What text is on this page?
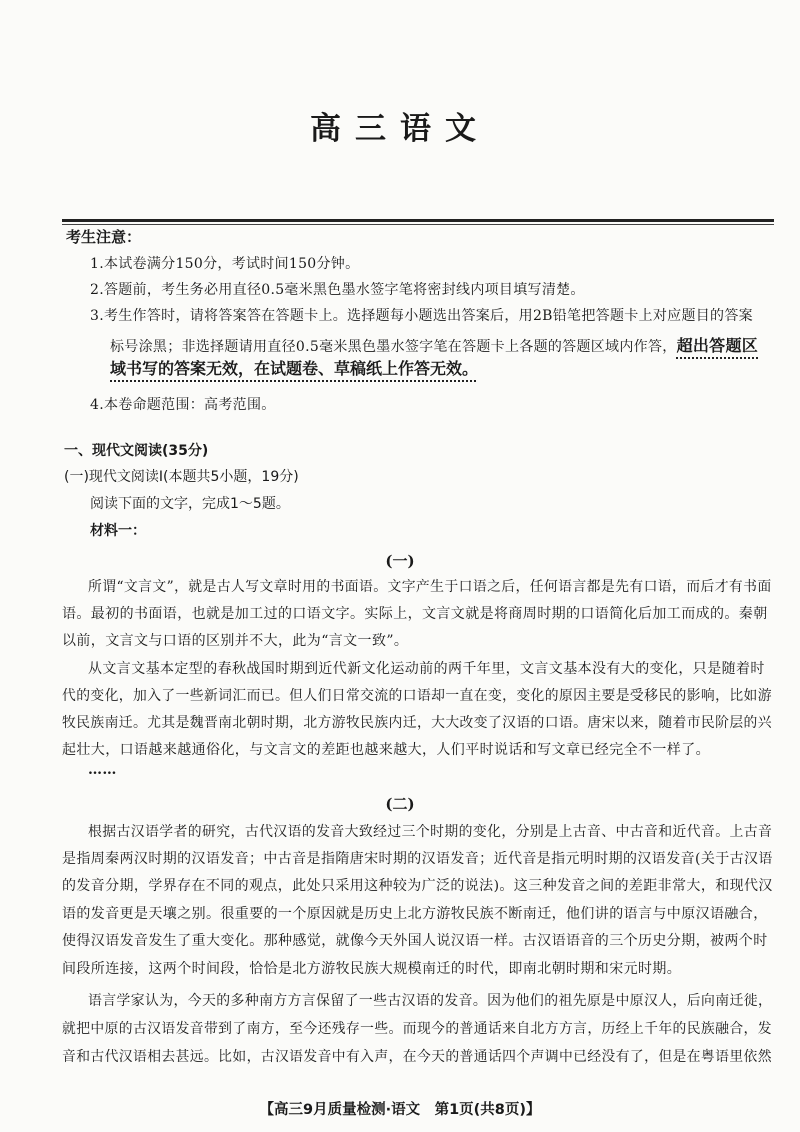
高三语文
考生注意：
1.本试卷满分150分，考试时间150分钟。
2.答题前，考生务必用直径0.5毫米黑色墨水签字笔将密封线内项目填写清楚。
3.考生作答时，请将答案答在答题卡上。选择题每小题选出答案后，用2B铅笔把答题卡上对应题目的答案
标号涂黑；非选择题请用直径0.5毫米黑色墨水签字笔在答题卡上各题的答题区域内作答，超出答题区
域书写的答案无效，在试题卷、草稿纸上作答无效。
4.本卷命题范围：高考范围。
一、现代文阅读(35分)
(一)现代文阅读Ⅰ(本题共5小题，19分)
阅读下面的文字，完成1～5题。
材料一：
(一)
所谓“文言文”，就是古人写文章时用的书面语。文字产生于口语之后，任何语言都是先有口语，而后才有书面
语。最初的书面语，也就是加工过的口语文字。实际上，文言文就是将商周时期的口语简化后加工而成的。秦朝
以前，文言文与口语的区别并不大，此为“言文一致”。
从文言文基本定型的春秋战国时期到近代新文化运动前的两千年里，文言文基本没有大的变化，只是随着时
代的变化，加入了一些新词汇而已。但人们日常交流的口语却一直在变，变化的原因主要是受移民的影响，比如游
牧民族南迁。尤其是魏晋南北朝时期，北方游牧民族内迁，大大改变了汉语的口语。唐宋以来，随着市民阶层的兴
起壮大，口语越来越通俗化，与文言文的差距也越来越大，人们平时说话和写文章已经完全不一样了。
……
(二)
根据古汉语学者的研究，古代汉语的发音大致经过三个时期的变化，分别是上古音、中古音和近代音。上古音
是指周秦两汉时期的汉语发音；中古音是指隋唐宋时期的汉语发音；近代音是指元明时期的汉语发音(关于古汉语
的发音分期，学界存在不同的观点，此处只采用这种较为广泛的说法)。这三种发音之间的差距非常大，和现代汉
语的发音更是天壤之别。很重要的一个原因就是历史上北方游牧民族不断南迁，他们讲的语言与中原汉语融合，
使得汉语发音发生了重大变化。那种感觉，就像今天外国人说汉语一样。古汉语语音的三个历史分期，被两个时
间段所连接，这两个时间段，恰恰是北方游牧民族大规模南迁的时代，即南北朝时期和宋元时期。
语言学家认为，今天的多种南方方言保留了一些古汉语的发音。因为他们的祖先原是中原汉人，后向南迁徙，
就把中原的古汉语发音带到了南方，至今还残存一些。而现今的普通话来自北方方言，历经上千年的民族融合，发
音和古代汉语相去甚远。比如，古汉语发音中有入声，在今天的普通话四个声调中已经没有了，但是在粤语里依然
【高三9月质量检测·语文　第1页(共8页)】
